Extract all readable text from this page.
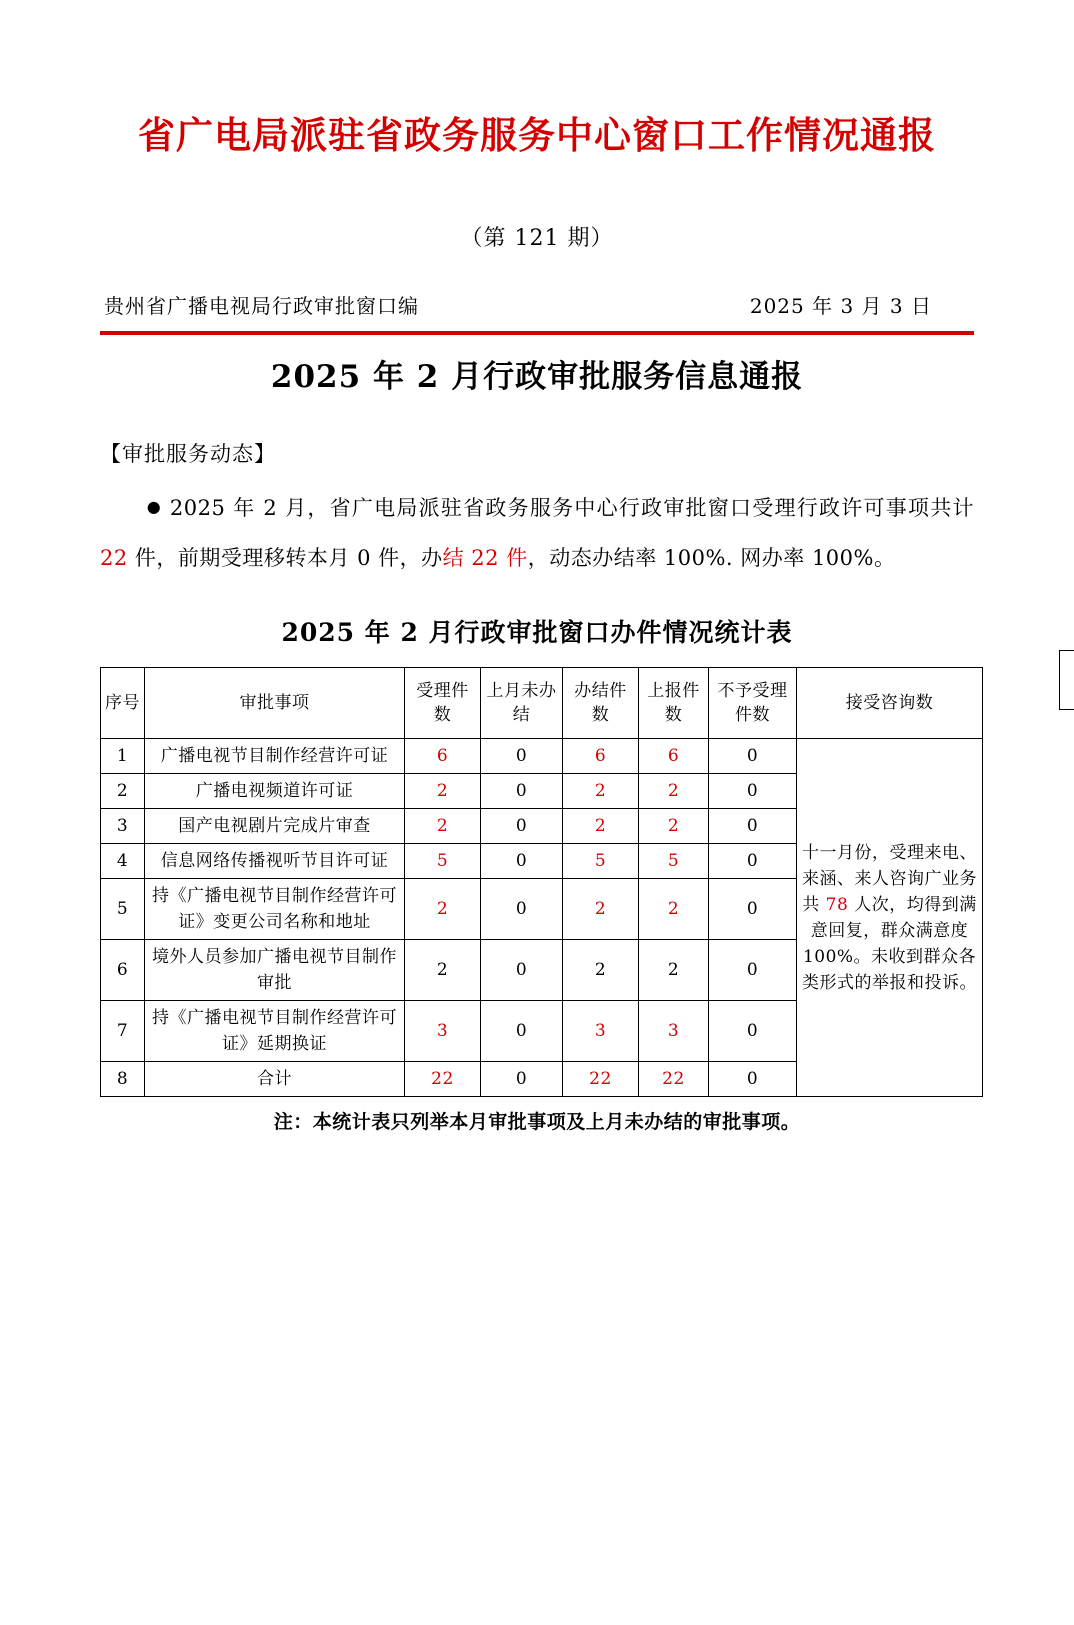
省广电局派驻省政务服务中心窗口工作情况通报
（第 121 期）
贵州省广播电视局行政审批窗口编	2025 年 3 月 3 日
2025 年 2 月行政审批服务信息通报
【审批服务动态】
● 2025 年 2 月，省广电局派驻省政务服务中心行政审批窗口受理行政许可事项共计 22 件，前期受理移转本月 0 件，办结 22 件，动态办结率 100%. 网办率 100%。
2025 年 2 月行政审批窗口办件情况统计表
序号	审批事项	受理件数	上月未办结	办结件数	上报件数	不予受理件数	接受咨询数
1	广播电视节目制作经营许可证	6	0	6	6	0	十一月份，受理来电、来涵、来人咨询广业务共 78 人次，均得到满意回复，群众满意度 100%。未收到群众各类形式的举报和投诉。
2	广播电视频道许可证	2	0	2	2	0	
3	国产电视剧片完成片审查	2	0	2	2	0	
4	信息网络传播视听节目许可证	5	0	5	5	0	
5	持《广播电视节目制作经营许可证》变更公司名称和地址	2	0	2	2	0	
6	境外人员参加广播电视节目制作审批	2	0	2	2	0	
7	持《广播电视节目制作经营许可证》延期换证	3	0	3	3	0	
8	合计	22	0	22	22	0	
注：本统计表只列举本月审批事项及上月未办结的审批事项。
